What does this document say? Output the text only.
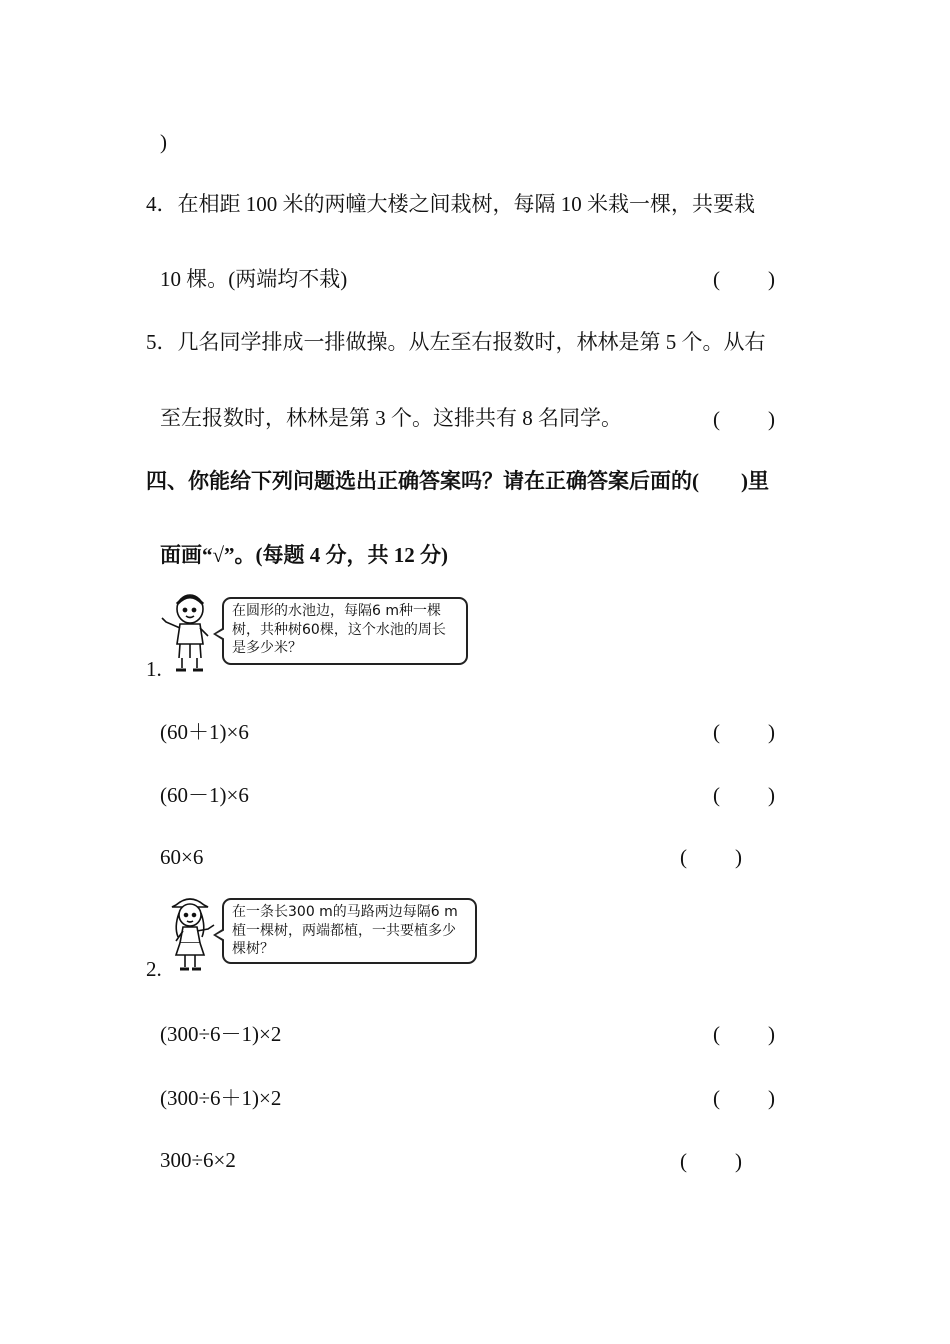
)
4．在相距 100 米的两幢大楼之间栽树，每隔 10 米栽一棵，共要栽
10 棵。(两端均不栽)	( )
5．几名同学排成一排做操。从左至右报数时，林林是第 5 个。从右
至左报数时，林林是第 3 个。这排共有 8 名同学。	( )
四、你能给下列问题选出正确答案吗？请在正确答案后面的(　　)里
面画“√”。(每题 4 分，共 12 分)
在圆形的水池边，每隔6 m种一棵树，共种树60棵，这个水池的周长是多少米？
1.
(60＋1)×6	( )
(60－1)×6	( )
60×6	( )
在一条长300 m的马路两边每隔6 m植一棵树，两端都植，一共要植多少棵树？
2.
(300÷6－1)×2	( )
(300÷6＋1)×2	( )
300÷6×2	( )
